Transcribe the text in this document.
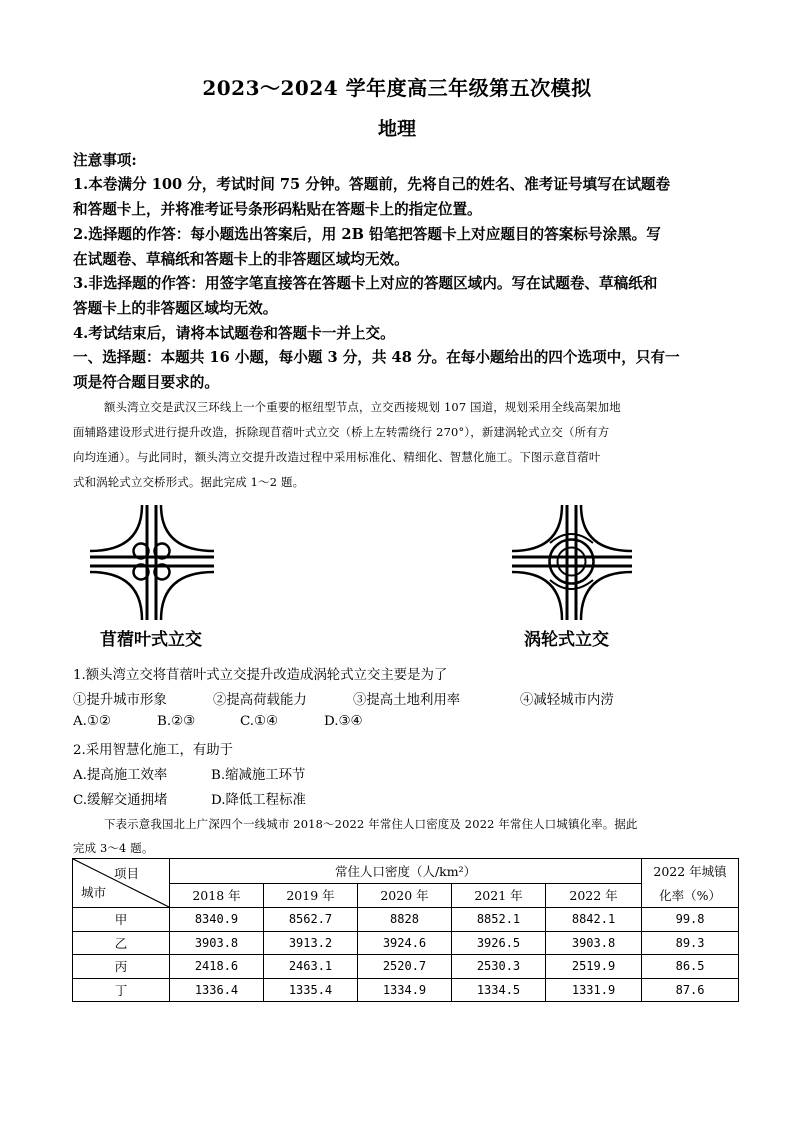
2023～2024 学年度高三年级第五次模拟
地理
注意事项:
1.本卷满分 100 分，考试时间 75 分钟。答题前，先将自己的姓名、准考证号填写在试题卷
和答题卡上，并将准考证号条形码粘贴在答题卡上的指定位置。
2.选择题的作答：每小题选出答案后，用 2B 铅笔把答题卡上对应题目的答案标号涂黑。写
在试题卷、草稿纸和答题卡上的非答题区域均无效。
3.非选择题的作答：用签字笔直接答在答题卡上对应的答题区域内。写在试题卷、草稿纸和
答题卡上的非答题区域均无效。
4.考试结束后，请将本试题卷和答题卡一并上交。
一、选择题：本题共 16 小题，每小题 3 分，共 48 分。在每小题给出的四个选项中，只有一
项是符合题目要求的。
额头湾立交是武汉三环线上一个重要的枢纽型节点，立交西接规划 107 国道，规划采用全线高架加地
面辅路建设形式进行提升改造，拆除现苜蓿叶式立交（桥上左转需绕行 270°），新建涡轮式立交（所有方
向均连通）。与此同时，额头湾立交提升改造过程中采用标准化、精细化、智慧化施工。下图示意苜蓿叶
式和涡轮式立交桥形式。据此完成 1～2 题。
苜蓿叶式立交	涡轮式立交
1.额头湾立交将苜蓿叶式立交提升改造成涡轮式立交主要是为了
①提升城市形象	②提高荷载能力	③提高土地利用率	④减轻城市内涝
A.①②	B.②③	C.①④	D.③④
2.采用智慧化施工，有助于
A.提高施工效率	B.缩减施工环节
C.缓解交通拥堵	D.降低工程标准
下表示意我国北上广深四个一线城市 2018～2022 年常住人口密度及 2022 年常住人口城镇化率。据此
完成 3～4 题。
项目
城市	常住人口密度（人/km²）					2022 年城镇
	2018 年	2019 年	2020 年	2021 年	2022 年	化率（%）
甲	8340.9	8562.7	8828	8852.1	8842.1	99.8
乙	3903.8	3913.2	3924.6	3926.5	3903.8	89.3
丙	2418.6	2463.1	2520.7	2530.3	2519.9	86.5
丁	1336.4	1335.4	1334.9	1334.5	1331.9	87.6
